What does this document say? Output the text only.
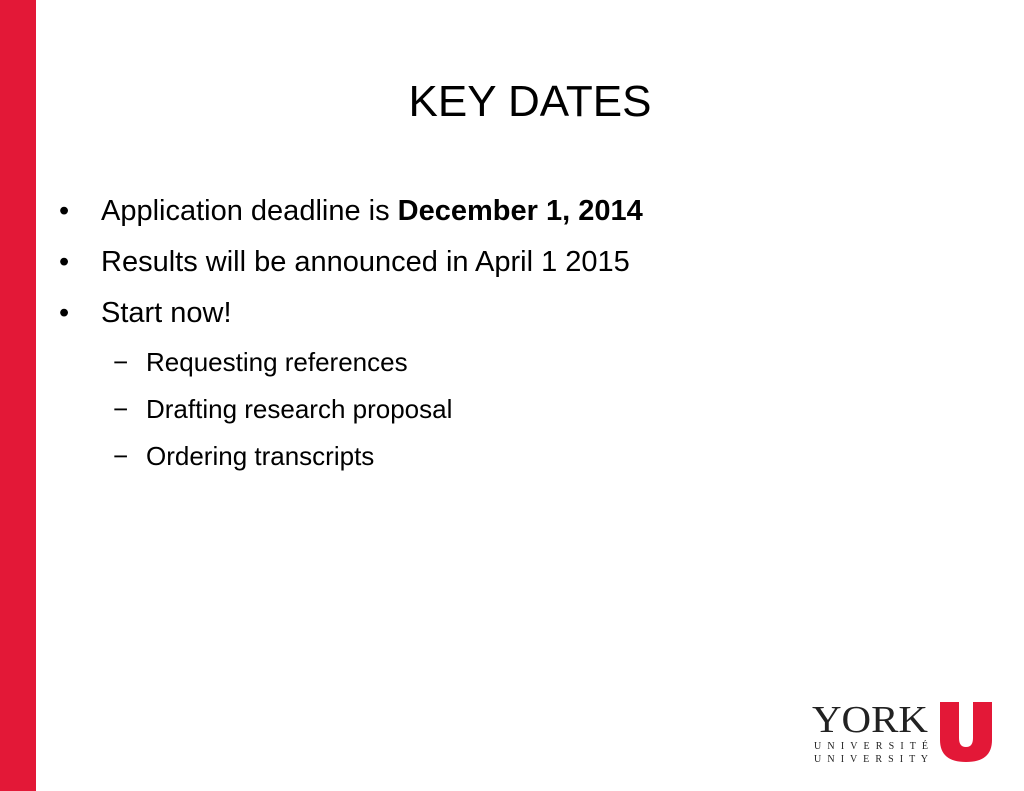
KEY DATES
• Application deadline is December 1, 2014
• Results will be announced in April 1 2015
• Start now!
− Requesting references
− Drafting research proposal
− Ordering transcripts
YORK
U N I V E R S I T É
U N I V E R S I T Y
